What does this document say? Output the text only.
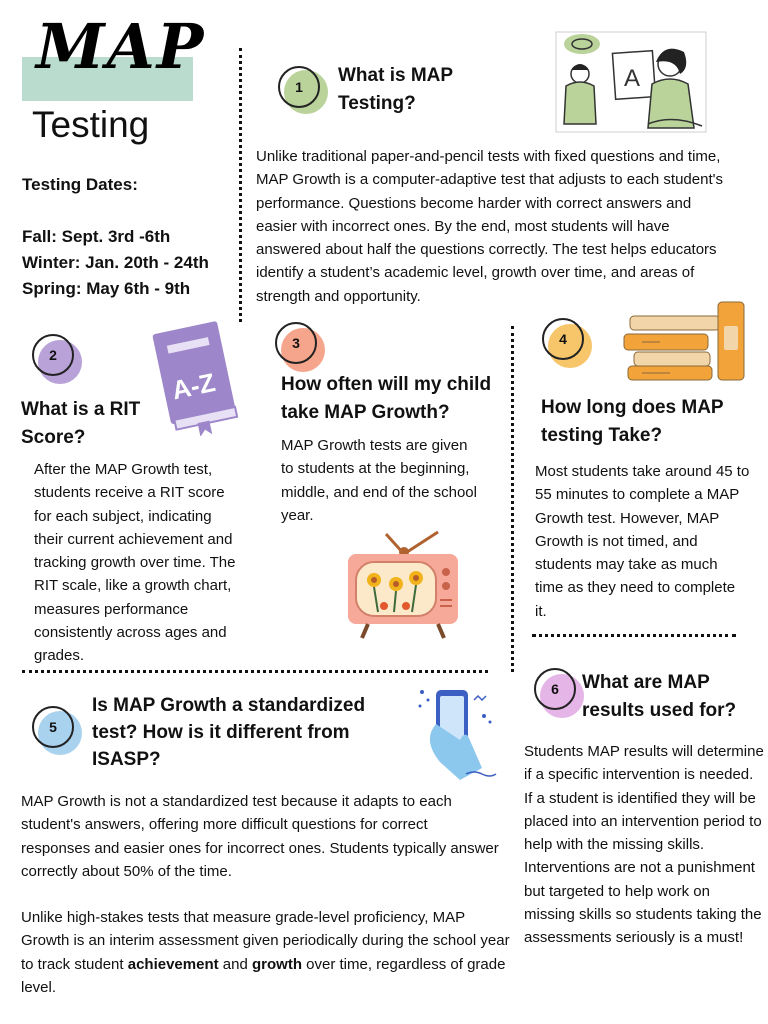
MAP
Testing
Testing Dates:
Fall: Sept. 3rd -6th
Winter: Jan. 20th - 24th
Spring: May 6th - 9th
1
What is MAP Testing?
A
Unlike traditional paper-and-pencil tests with fixed questions and time, MAP Growth is a computer-adaptive test that adjusts to each student's performance. Questions become harder with correct answers and easier with incorrect ones. By the end, most students will have answered about half the questions correctly. The test helps educators identify a student’s academic level, growth over time, and areas of strength and opportunity.
2
A-Z
What is a RIT Score?
After the MAP Growth test, students receive a RIT score for each subject, indicating their current achievement and tracking growth over time. The RIT scale, like a growth chart, measures performance consistently across ages and grades.
3
How often will my child take MAP Growth?
MAP Growth tests are given to students at the beginning, middle, and end of the school year.
4
How long does MAP testing Take?
Most students take around 45 to 55 minutes to complete a MAP Growth test. However, MAP Growth is not timed, and students may take as much time as they need to complete it.
5
Is MAP Growth a standardized test? How is it different from ISASP?
MAP Growth is not a standardized test because it adapts to each student's answers, offering more difficult questions for correct responses and easier ones for incorrect ones. Students typically answer correctly about 50% of the time.
Unlike high-stakes tests that measure grade-level proficiency, MAP Growth is an interim assessment given periodically during the school year to track student achievement and growth over time, regardless of grade level.
6	What are MAP results used for?
Students MAP results will determine if a specific intervention is needed. If a student is identified they will be placed into an intervention period to help with the missing skills. Interventions are not a punishment but targeted to help work on missing skills so students taking the assessments seriously is a must!
